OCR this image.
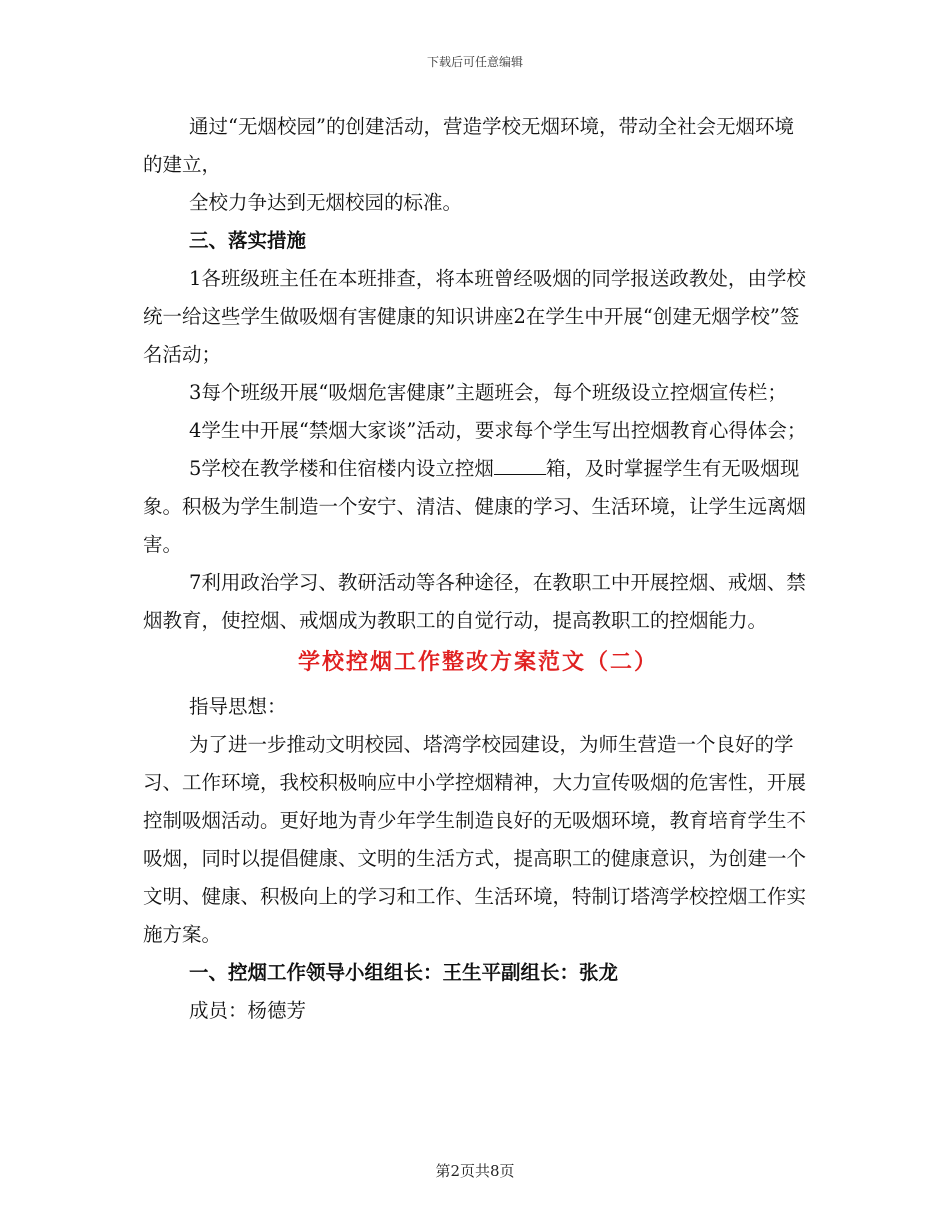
下载后可任意编辑

通过“无烟校园”的创建活动，营造学校无烟环境，带动全社会无烟环境的建立，

全校力争达到无烟校园的标准。

三、落实措施

1各班级班主任在本班排查，将本班曾经吸烟的同学报送政教处，由学校统一给这些学生做吸烟有害健康的知识讲座2在学生中开展“创建无烟学校”签名活动；

3每个班级开展“吸烟危害健康”主题班会，每个班级设立控烟宣传栏；

4学生中开展“禁烟大家谈”活动，要求每个学生写出控烟教育心得体会；

5学校在教学楼和住宿楼内设立控烟	箱，及时掌握学生有无吸烟现象。积极为学生制造一个安宁、清洁、健康的学习、生活环境，让学生远离烟害。

7利用政治学习、教研活动等各种途径，在教职工中开展控烟、戒烟、禁烟教育，使控烟、戒烟成为教职工的自觉行动，提高教职工的控烟能力。

学校控烟工作整改方案范文（二）

指导思想：

为了进一步推动文明校园、塔湾学校园建设，为师生营造一个良好的学习、工作环境，我校积极响应中小学控烟精神，大力宣传吸烟的危害性，开展控制吸烟活动。更好地为青少年学生制造良好的无吸烟环境，教育培育学生不吸烟，同时以提倡健康、文明的生活方式，提高职工的健康意识，为创建一个文明、健康、积极向上的学习和工作、生活环境，特制订塔湾学校控烟工作实施方案。

一、控烟工作领导小组组长：王生平副组长：张龙

成员：杨德芳

第2页共8页
